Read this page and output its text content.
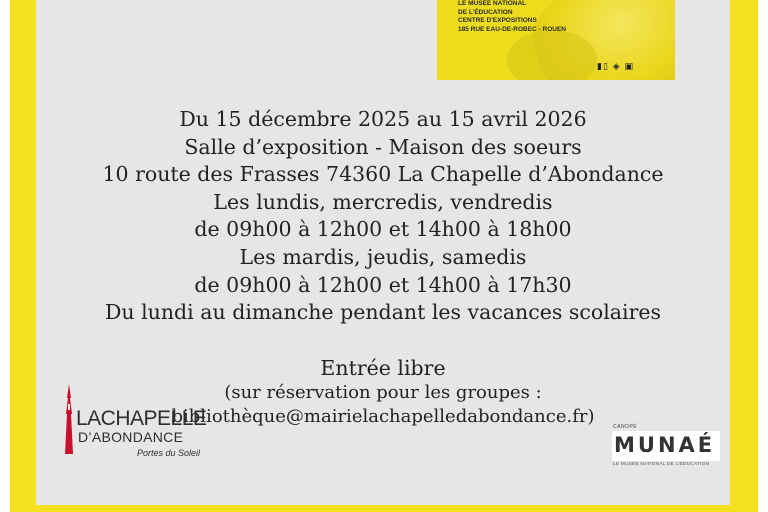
LE MUSÉE NATIONAL
DE L'ÉDUCATION
CENTRE D'EXPOSITIONS
185 RUE EAU-DE-ROBEC - ROUEN
▮▯ ◈ ▣
Du 15 décembre 2025 au 15 avril 2026
Salle d’exposition - Maison des soeurs
10 route des Frasses 74360 La Chapelle d’Abondance
Les lundis, mercredis, vendredis
de 09h00 à 12h00 et 14h00 à 18h00
Les mardis, jeudis, samedis
de 09h00 à 12h00 et 14h00 à 17h30
Du lundi au dimanche pendant les vacances scolaires
Entrée libre
(sur réservation pour les groupes :
bibliothèque@mairielachapelledabondance.fr)
LACHAPELLE
D’ABONDANCE
Portes du Soleil
CANOPÉ
MUNAÉ
LE MUSÉE NATIONAL DE L'ÉDUCATION
